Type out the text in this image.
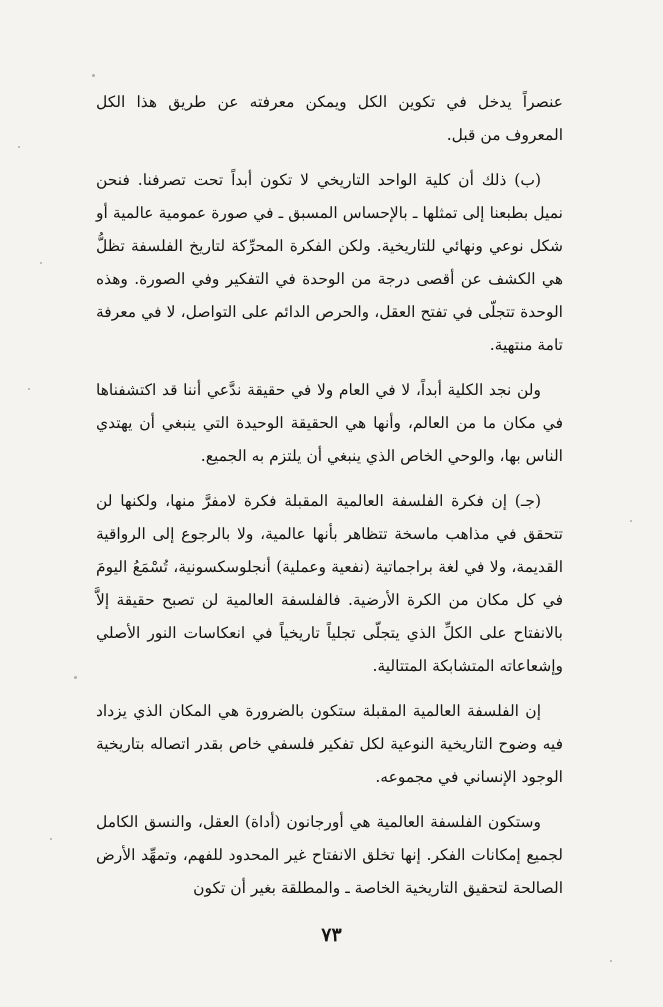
عنصراً يدخل في تكوين الكل ويمكن معرفته عن طريق هذا الكل المعروف من قبل.

(ب) ذلك أن كلية الواحد التاريخي لا تكون أبداً تحت تصرفنا. فنحن نميل بطبعنا إلى تمثلها ـ بالإحساس المسبق ـ في صورة عمومية عالمية أو شكل نوعي ونهائي للتاريخية. ولكن الفكرة المحرِّكة لتاريخ الفلسفة تظلُّ هي الكشف عن أقصى درجة من الوحدة في التفكير وفي الصورة. وهذه الوحدة تتجلّى في تفتح العقل، والحرص الدائم على التواصل، لا في معرفة تامة منتهية.

ولن نجد الكلية أبداً، لا في العام ولا في حقيقة ندَّعي أننا قد اكتشفناها في مكان ما من العالم، وأنها هي الحقيقة الوحيدة التي ينبغي أن يهتدي الناس بها، والوحي الخاص الذي ينبغي أن يلتزم به الجميع.

(جـ) إن فكرة الفلسفة العالمية المقبلة فكرة لامفرَّ منها، ولكنها لن تتحقق في مذاهب ماسخة تتظاهر بأنها عالمية، ولا بالرجوع إلى الرواقية القديمة، ولا في لغة براجماتية (نفعية وعملية) أنجلوسكسونية، تُسْمَعُ اليومَ في كل مكان من الكرة الأرضية. فالفلسفة العالمية لن تصبح حقيقة إلاَّ بالانفتاح على الكلِّ الذي يتجلّى تجلياً تاريخياً في انعكاسات النور الأصلي وإشعاعاته المتشابكة المتتالية.

إن الفلسفة العالمية المقبلة ستكون بالضرورة هي المكان الذي يزداد فيه وضوح التاريخية النوعية لكل تفكير فلسفي خاص بقدر اتصاله بتاريخية الوجود الإنساني في مجموعه.

وستكون الفلسفة العالمية هي أورجانون (أداة) العقل، والنسق الكامل لجميع إمكانات الفكر. إنها تخلق الانفتاح غير المحدود للفهم، وتمهِّد الأرض الصالحة لتحقيق التاريخية الخاصة ـ والمطلقة بغير أن تكون

٧٣
